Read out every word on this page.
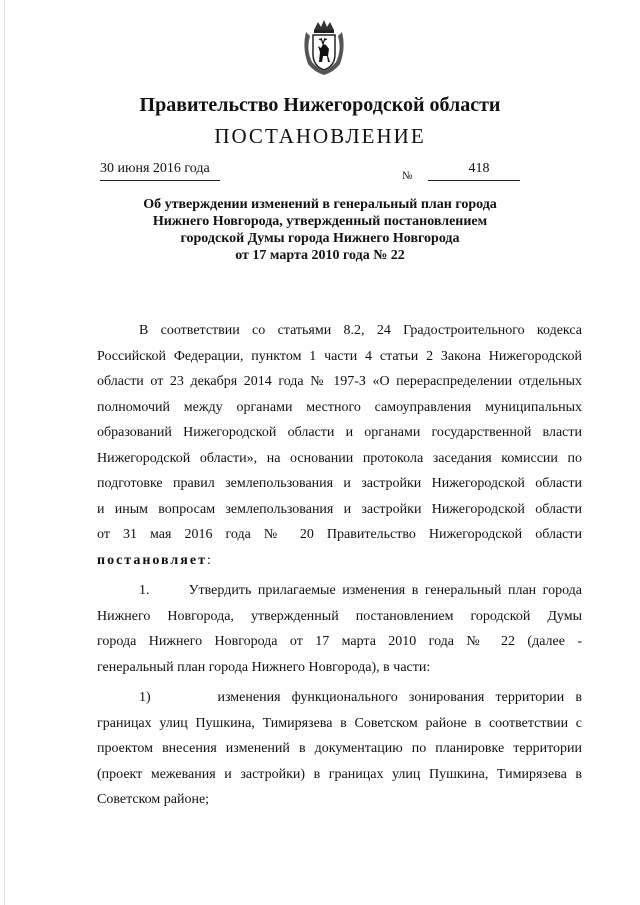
Правительство Нижегородской области
ПОСТАНОВЛЕНИЕ
30 июня 2016 года	№	418
Об утверждении изменений в генеральный план города
Нижнего Новгорода, утвержденный постановлением
городской Думы города Нижнего Новгорода
от 17 марта 2010 года № 22
В соответствии со статьями 8.2, 24 Градостроительного кодекса
Российской Федерации, пунктом 1 части 4 статьи 2 Закона Нижегородской
области от 23 декабря 2014 года № 197-З «О перераспределении отдельных
полномочий между органами местного самоуправления муниципальных
образований Нижегородской области и органами государственной власти
Нижегородской области», на основании протокола заседания комиссии по
подготовке правил землепользования и застройки Нижегородской области
и иным вопросам землепользования и застройки Нижегородской области
от 31 мая 2016 года № 20 Правительство Нижегородской области
постановляет:
1.      Утвердить прилагаемые изменения в генеральный план города
Нижнего Новгорода, утвержденный постановлением городской Думы
города Нижнего Новгорода от 17 марта 2010 года № 22 (далее -
генеральный план города Нижнего Новгорода), в части:
1)      изменения функционального зонирования территории в
границах улиц Пушкина, Тимирязева в Советском районе в соответствии с
проектом внесения изменений в документацию по планировке территории
(проект межевания и застройки) в границах улиц Пушкина, Тимирязева в
Советском районе;
